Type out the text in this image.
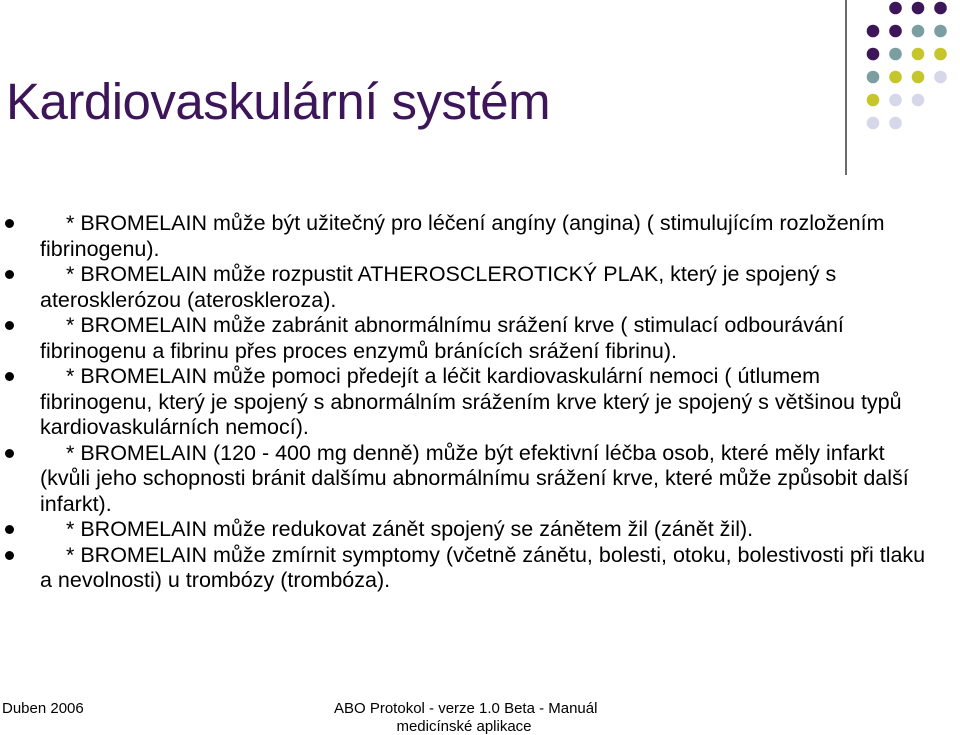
Kardiovaskulární systém
* BROMELAIN může být užitečný pro léčení angíny (angina) ( stimulujícím rozložením fibrinogenu).
* BROMELAIN může rozpustit ATHEROSCLEROTICKÝ PLAK, který je spojený s aterosklerózou (ateroskleroza).
* BROMELAIN může zabránit abnormálnímu srážení krve ( stimulací odbourávání fibrinogenu a fibrinu přes proces enzymů bránících srážení fibrinu).
* BROMELAIN může pomoci předejít a léčit kardiovaskulární nemoci ( útlumem fibrinogenu, který je spojený s abnormálním srážením krve který je spojený s většinou typů kardiovaskulárních nemocí).
* BROMELAIN (120 - 400 mg denně) může být efektivní léčba osob, které měly infarkt (kvůli jeho schopnosti bránit dalšímu abnormálnímu srážení krve, které může způsobit další infarkt).
* BROMELAIN může redukovat zánět spojený se zánětem žil (zánět žil).
* BROMELAIN může zmírnit symptomy (včetně zánětu, bolesti, otoku, bolestivosti při tlaku a nevolnosti) u trombózy (trombóza).
Duben 2006	ABO Protokol - verze 1.0 Beta - Manuál
medicínské aplikace
